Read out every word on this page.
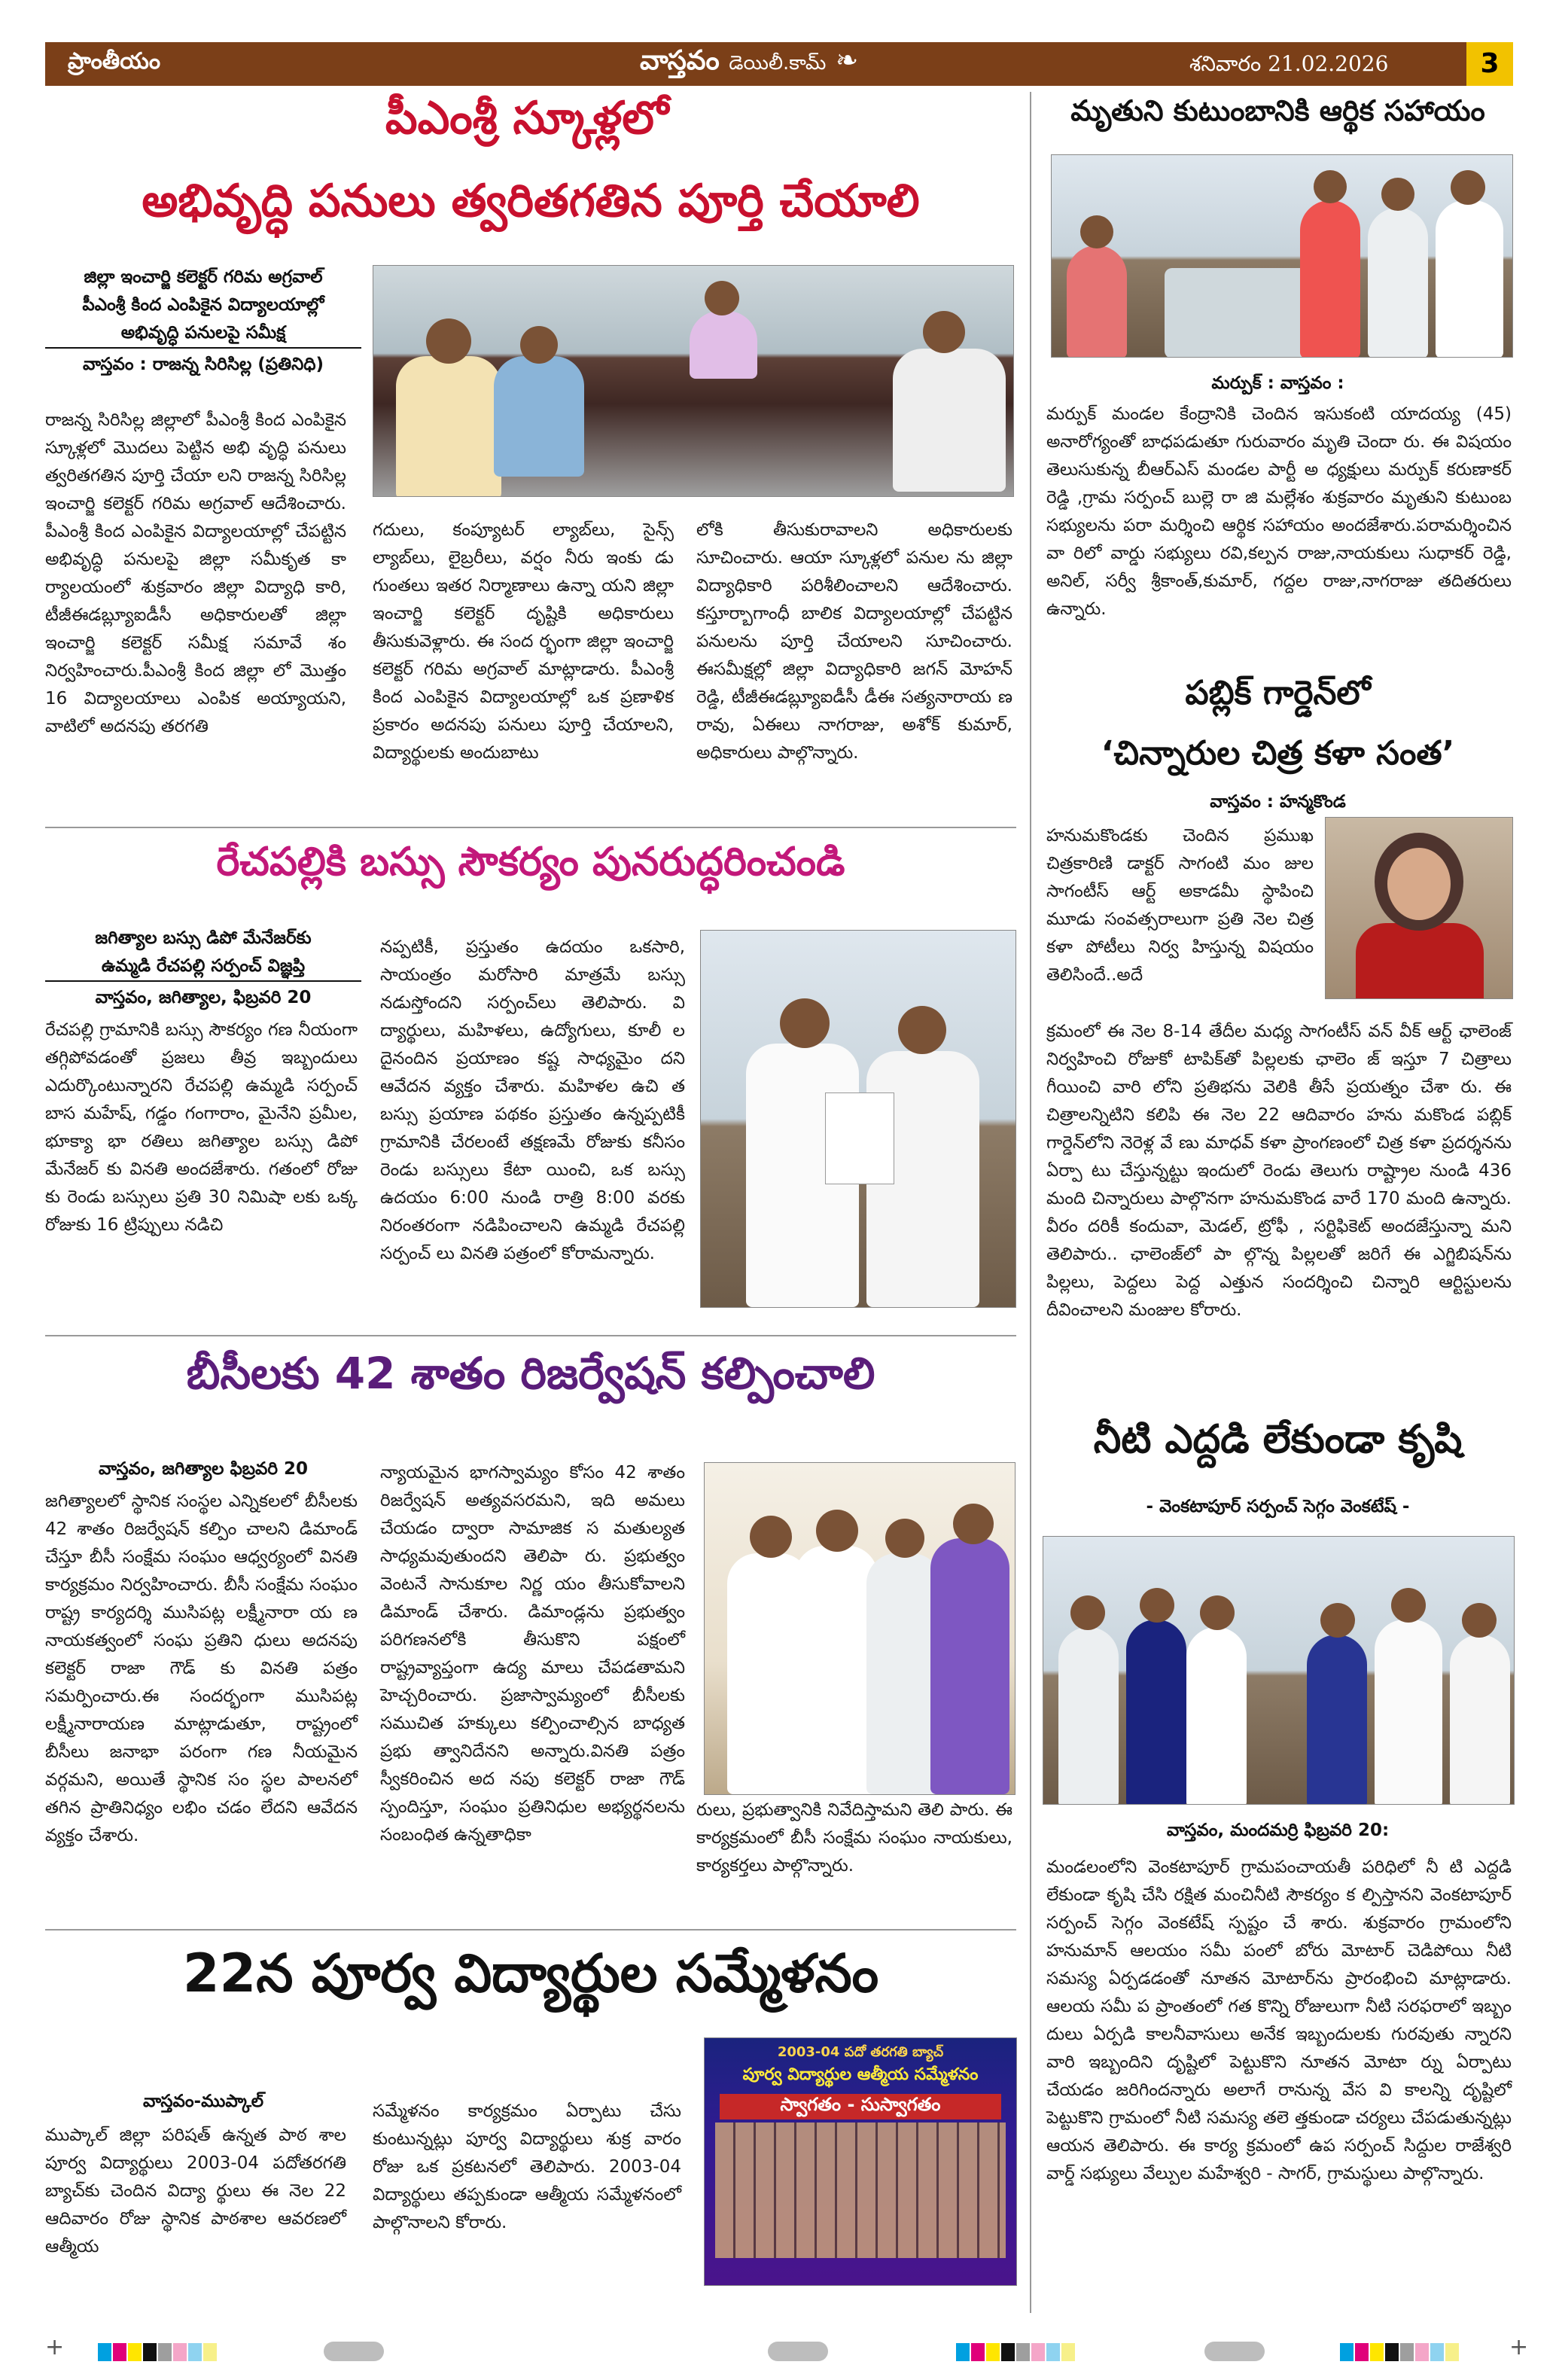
ప్రాంతీయం	వాస్తవం డెయిలీ.కామ్ ❧	శనివారం 21.02.2026	3
పీఎంశ్రీ స్కూళ్లలో
అభివృద్ధి పనులు త్వరితగతిన పూర్తి చేయాలి
జిల్లా ఇంచార్జి కలెక్టర్ గరిమ అగ్రవాల్
పీఎంశ్రీ కింద ఎంపికైన విద్యాలయాల్లో
అభివృద్ధి పనులపై సమీక్ష
వాస్తవం : రాజన్న సిరిసిల్ల (ప్రతినిధి)
రాజన్న సిరిసిల్ల జిల్లాలో పీఎంశ్రీ కింద ఎంపికైన స్కూళ్లలో మొదలు పెట్టిన అభి వృద్ధి పనులు త్వరితగతిన పూర్తి చేయా లని రాజన్న సిరిసిల్ల ఇంచార్జి కలెక్టర్ గరిమ అగ్రవాల్ ఆదేశించారు. పీఎంశ్రీ కింద ఎంపికైన విద్యాలయాల్లో చేపట్టిన అభివృద్ధి పనులపై జిల్లా సమీకృత కా ర్యాలయంలో శుక్రవారం జిల్లా విద్యాధి కారి, టీజీఈడబ్ల్యూఐడీసీ అధికారులతో జిల్లా ఇంచార్జి కలెక్టర్ సమీక్ష సమావే శం నిర్వహించారు.పీఎంశ్రీ కింద జిల్లా లో మొత్తం 16 విద్యాలయాలు ఎంపిక అయ్యాయని, వాటిలో అదనపు తరగతి
గదులు, కంప్యూటర్ ల్యాబ్‌లు, సైన్స్ ల్యాబ్‌లు, లైబ్రరీలు, వర్షం నీరు ఇంకు డు గుంతలు ఇతర నిర్మాణాలు ఉన్నా యని జిల్లా ఇంచార్జి కలెక్టర్ దృష్టికి అధికారులు తీసుకువెళ్లారు. ఈ సంద ర్భంగా జిల్లా ఇంచార్జి కలెక్టర్ గరిమ అగ్రవాల్ మాట్లాడారు. పీఎంశ్రీ కింద ఎంపికైన విద్యాలయాల్లో ఒక ప్రణాళిక ప్రకారం అదనపు పనులు పూర్తి చేయాలని, విద్యార్థులకు అందుబాటు
లోకి తీసుకురావాలని అధికారులకు సూచించారు. ఆయా స్కూళ్లలో పనుల ను జిల్లా విద్యాధికారి పరిశీలించాలని ఆదేశించారు. కస్తూర్బాగాంధీ బాలిక విద్యాలయాల్లో చేపట్టిన పనులను పూర్తి చేయాలని సూచించారు. ఈసమీక్షల్లో జిల్లా విద్యాధికారి జగన్ మోహన్ రెడ్డి, టీజీఈడబ్ల్యూఐడీసీ డీఈ సత్యనారాయ ణ రావు, ఏఈలు నాగరాజు, అశోక్ కుమార్, అధికారులు పాల్గొన్నారు.
రేచపల్లికి బస్సు సౌకర్యం పునరుద్ధరించండి
జగిత్యాల బస్సు డిపో మేనేజర్‌కు
ఉమ్మడి రేచపల్లి సర్పంచ్ విజ్ఞప్తి
వాస్తవం, జగిత్యాల, ఫిబ్రవరి 20
రేచపల్లి గ్రామానికి బస్సు సౌకర్యం గణ నీయంగా తగ్గిపోవడంతో ప్రజలు తీవ్ర ఇబ్బందులు ఎదుర్కొంటున్నారని రేచపల్లి ఉమ్మడి సర్పంచ్ బాస మహేష్, గడ్డం గంగారాం, మైనేని ప్రమీల, భూక్యా భా రతిలు జగిత్యాల బస్సు డిపో మేనేజర్ కు వినతి అందజేశారు. గతంలో రోజు కు రెండు బస్సులు ప్రతి 30 నిమిషా లకు ఒక్క రోజుకు 16 ట్రిప్పులు నడిచి
నప్పటికీ, ప్రస్తుతం ఉదయం ఒకసారి, సాయంత్రం మరోసారి మాత్రమే బస్సు నడుస్తోందని సర్పంచ్‌లు తెలిపారు. వి ద్యార్థులు, మహిళలు, ఉద్యోగులు, కూలీ ల దైనందిన ప్రయాణం కష్ట సాధ్యమైం దని ఆవేదన వ్యక్తం చేశారు. మహిళల ఉచి త బస్సు ప్రయాణ పథకం ప్రస్తుతం ఉన్నప్పటికీ గ్రామానికి చేరలంటే తక్షణమే రోజుకు కనీసం రెండు బస్సులు కేటా యించి, ఒక బస్సు ఉదయం 6:00 నుండి రాత్రి 8:00 వరకు నిరంతరంగా నడిపించాలని ఉమ్మడి రేచపల్లి సర్పంచ్ లు వినతి పత్రంలో కోరామన్నారు.
బీసీలకు 42 శాతం రిజర్వేషన్ కల్పించాలి
వాస్తవం, జగిత్యాల ఫిబ్రవరి 20
జగిత్యాలలో స్థానిక సంస్థల ఎన్నికలలో బీసీలకు 42 శాతం రిజర్వేషన్ కల్పిం చాలని డిమాండ్ చేస్తూ బీసీ సంక్షేమ సంఘం ఆధ్వర్యంలో వినతి కార్యక్రమం నిర్వహించారు. బీసీ సంక్షేమ సంఘం రాష్ట్ర కార్యదర్శి ముసిపట్ల లక్ష్మీనారా య ణ నాయకత్వంలో సంఘ ప్రతిని ధులు అదనపు కలెక్టర్ రాజా గౌడ్ కు వినతి పత్రం సమర్పించారు.ఈ సందర్భంగా ముసిపట్ల లక్ష్మీనారాయణ మాట్లాడుతూ, రాష్ట్రంలో బీసీలు జనాభా పరంగా గణ నీయమైన వర్గమని, అయితే స్థానిక సం స్థల పాలనలో తగిన ప్రాతినిధ్యం లభిం చడం లేదని ఆవేదన వ్యక్తం చేశారు.
న్యాయమైన భాగస్వామ్యం కోసం 42 శాతం రిజర్వేషన్ అత్యవసరమని, ఇది అమలు చేయడం ద్వారా సామాజిక స మతుల్యత సాధ్యమవుతుందని తెలిపా రు. ప్రభుత్వం వెంటనే సానుకూల నిర్ణ యం తీసుకోవాలని డిమాండ్ చేశారు. డిమాండ్లను ప్రభుత్వం పరిగణనలోకి తీసుకొని పక్షంలో రాష్ట్రవ్యాప్తంగా ఉద్య మాలు చేపడతామని హెచ్చరించారు. ప్రజాస్వామ్యంలో బీసీలకు సముచిత హక్కులు కల్పించాల్సిన బాధ్యత ప్రభు త్వానిదేనని అన్నారు.వినతి పత్రం స్వీకరించిన అద నపు కలెక్టర్ రాజా గౌడ్ స్పందిస్తూ, సంఘం ప్రతినిధుల అభ్యర్థనలను సంబంధిత ఉన్నతాధికా
రులు, ప్రభుత్వానికి నివేదిస్తామని తెలి పారు. ఈ కార్యక్రమంలో బీసీ సంక్షేమ సంఘం నాయకులు, కార్యకర్తలు పాల్గొన్నారు.
22న పూర్వ విద్యార్థుల సమ్మేళనం
వాస్తవం-ముప్కాల్
ముప్కాల్ జిల్లా పరిషత్ ఉన్నత పాఠ శాల పూర్వ విద్యార్థులు 2003-04 పదోతరగతి బ్యాచ్‌కు చెందిన విద్యా ర్థులు ఈ నెల 22 ఆదివారం రోజు స్థానిక పాఠశాల ఆవరణలో ఆత్మీయ
సమ్మేళనం కార్యక్రమం ఏర్పాటు చేసు కుంటున్నట్లు పూర్వ విద్యార్థులు శుక్ర వారం రోజు ఒక ప్రకటనలో తెలిపారు. 2003-04 విద్యార్థులు తప్పకుండా ఆత్మీయ సమ్మేళనంలో పాల్గొనాలని కోరారు.
2003-04 పదో తరగతి బ్యాచ్
పూర్వ విద్యార్థుల ఆత్మీయ సమ్మేళనం
స్వాగతం - సుస్వాగతం
మృతుని కుటుంబానికి ఆర్థిక సహాయం
మర్పుక్ : వాస్తవం :
మర్పుక్ మండల కేంద్రానికి చెందిన ఇసుకంటి యాదయ్య (45) అనారోగ్యంతో బాధపడుతూ గురువారం మృతి చెందా రు. ఈ విషయం తెలుసుకున్న బీఆర్ఎస్ మండల పార్టీ అ ధ్యక్షులు మర్పుక్ కరుణాకర్ రెడ్డి ,గ్రామ సర్పంచ్ బుల్లె రా జి మల్లేశం శుక్రవారం మృతుని కుటుంబ సభ్యులను పరా మర్శించి ఆర్థిక సహాయం అందజేశారు.పరామర్శించిన వా రిలో వార్డు సభ్యులు రవి,కల్పన రాజు,నాయకులు సుధాకర్ రెడ్డి, అనిల్, సర్వీ శ్రీకాంత్,కుమార్, గద్దల రాజు,నాగరాజు తదితరులు ఉన్నారు.
పబ్లిక్ గార్డెన్‌లో
‘చిన్నారుల చిత్ర కళా సంత’
వాస్తవం : హన్మకొండ
హనుమకొండకు చెందిన ప్రముఖ చిత్రకారిణి డాక్టర్ సాగంటి మం జుల సాగంటీస్ ఆర్ట్ అకాడమీ స్థాపించి మూడు సంవత్సరాలుగా ప్రతి నెల చిత్ర కళా పోటీలు నిర్వ హిస్తున్న విషయం తెలిసిందే..అదే
క్రమంలో ఈ నెల 8-14 తేదీల మధ్య సాగంటీస్ వన్ వీక్ ఆర్ట్ ఛాలెంజ్ నిర్వహించి రోజుకో టాపిక్‌తో పిల్లలకు ఛాలెం జ్ ఇస్తూ 7 చిత్రాలు గీయించి వారి లోని ప్రతిభను వెలికి తీసే ప్రయత్నం చేశా రు. ఈ చిత్రాలన్నిటిని కలిపి ఈ నెల 22 ఆదివారం హను మకొండ పబ్లిక్ గార్డెన్‌లోని నెరెళ్ల వే ణు మాధవ్ కళా ప్రాంగణంలో చిత్ర కళా ప్రదర్శనను ఏర్పా టు చేస్తున్నట్టు ఇందులో రెండు తెలుగు రాష్ట్రాల నుండి 436 మంది చిన్నారులు పాల్గొనగా హనుమకొండ వారే 170 మంది ఉన్నారు. వీరం దరికీ కందువా, మెడల్, ట్రోఫీ , సర్టిఫికెట్ అందజేస్తున్నా మని తెలిపారు.. ఛాలెంజ్‌లో పా ల్గొన్న పిల్లలతో జరిగే ఈ ఎగ్జిబిషన్‌ను పిల్లలు, పెద్దలు పెద్ద ఎత్తున సందర్శించి చిన్నారి ఆర్టిస్టులను దీవించాలని మంజుల కోరారు.
నీటి ఎద్దడి లేకుండా కృషి
- వెంకటాపూర్ సర్పంచ్ సెగ్గం వెంకటేష్ -
వాస్తవం, మందమర్రి ఫిబ్రవరి 20:
మండలంలోని వెంకటాపూర్ గ్రామపంచాయతీ పరిధిలో నీ టి ఎద్దడి లేకుండా కృషి చేసి రక్షిత మంచినీటి సౌకర్యం క ల్పిస్తానని వెంకటాపూర్ సర్పంచ్ సెగ్గం వెంకటేష్ స్పష్టం చే శారు. శుక్రవారం గ్రామంలోని హనుమాన్ ఆలయం సమీ పంలో బోరు మోటార్ చెడిపోయి నీటి సమస్య ఏర్పడడంతో నూతన మోటార్‌ను ప్రారంభించి మాట్లాడారు. ఆలయ సమీ ప ప్రాంతంలో గత కొన్ని రోజులుగా నీటి సరఫరాలో ఇబ్బం దులు ఏర్పడి కాలనీవాసులు అనేక ఇబ్బందులకు గురవుతు న్నారని వారి ఇబ్బందిని దృష్టిలో పెట్టుకొని నూతన మోటా ర్ను ఏర్పాటు చేయడం జరిగిందన్నారు అలాగే రానున్న వేస వి కాలన్ని దృష్టిలో పెట్టుకొని గ్రామంలో నీటి సమస్య తలె త్తకుండా చర్యలు చేపడుతున్నట్లు ఆయన తెలిపారు. ఈ కార్య క్రమంలో ఉప సర్పంచ్ సిద్దుల రాజేశ్వరి వార్డ్ సభ్యులు వేల్పుల మహేశ్వరి - సాగర్, గ్రామస్థులు పాల్గొన్నారు.
+	+
